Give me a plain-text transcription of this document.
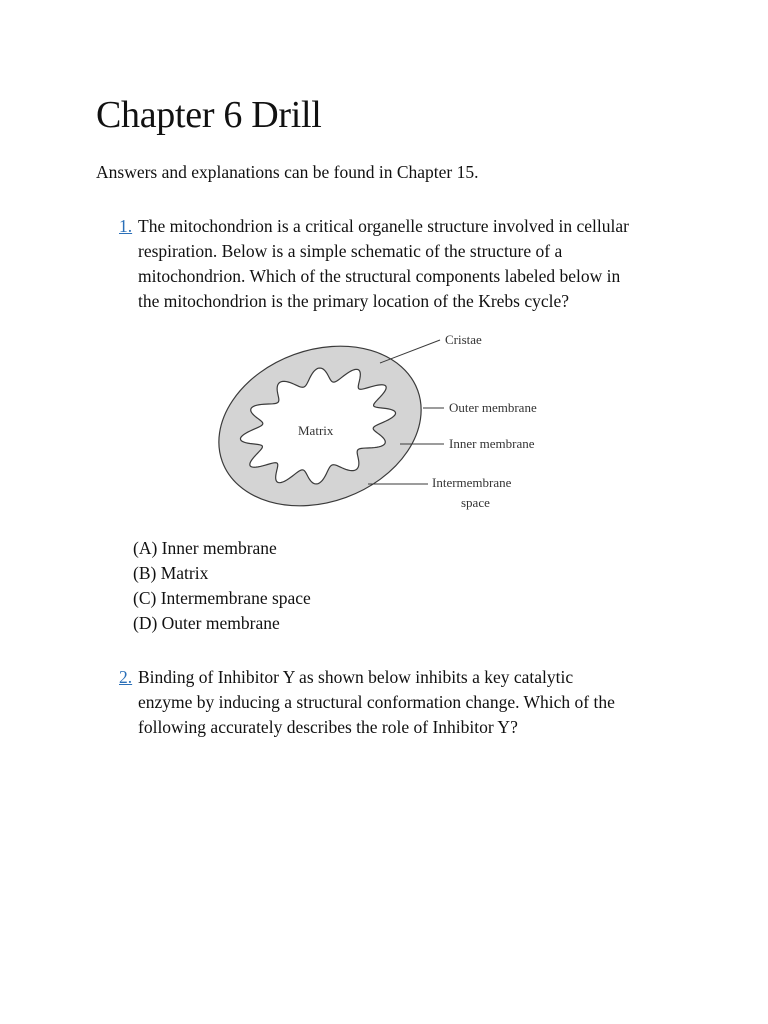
Chapter 6 Drill

Answers and explanations can be found in Chapter 15.

1. The mitochondrion is a critical organelle structure involved in cellular
respiration. Below is a simple schematic of the structure of a
mitochondrion. Which of the structural components labeled below in
the mitochondrion is the primary location of the Krebs cycle?
Cristae
Outer membrane
Inner membrane
Intermembrane
space
Matrix
(A) Inner membrane
(B) Matrix
(C) Intermembrane space
(D) Outer membrane
2. Binding of Inhibitor Y as shown below inhibits a key catalytic
enzyme by inducing a structural conformation change. Which of the
following accurately describes the role of Inhibitor Y?
